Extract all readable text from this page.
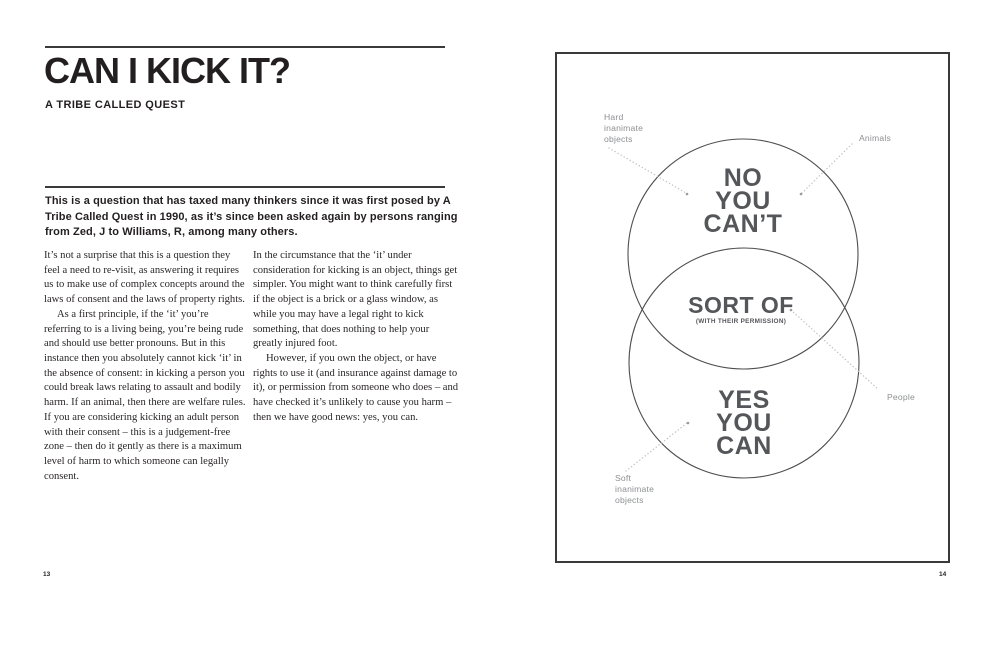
CAN I KICK IT?
A TRIBE CALLED QUEST
This is a question that has taxed many thinkers since it was first posed by A Tribe Called Quest in 1990, as it’s since been asked again by persons ranging from Zed, J to Williams, R, among many others.

It’s not a surprise that this is a question they feel a need to re-visit, as answering it requires us to make use of complex concepts around the laws of consent and the laws of property rights.

As a first principle, if the ‘it’ you’re referring to is a living being, you’re being rude and should use better pronouns. But in this instance then you absolutely cannot kick ‘it’ in the absence of consent: in kicking a person you could break laws relating to assault and bodily harm. If an animal, then there are welfare rules. If you are considering kicking an adult person with their consent – this is a judgement-free zone – then do it gently as there is a maximum level of harm to which someone can legally consent.

In the circumstance that the ‘it’ under consideration for kicking is an object, things get simpler. You might want to think carefully first if the object is a brick or a glass window, as while you may have a legal right to kick something, that does nothing to help your greatly injured foot.

However, if you own the object, or have rights to use it (and insurance against damage to it), or permission from someone who does – and have checked it’s unlikely to cause you harm – then we have good news: yes, you can.

13
NO
YOU
CAN’T
SORT OF
(WITH THEIR PERMISSION)
YES
YOU
CAN
Hard
inanimate
objects	Animals
People
Soft
inanimate
objects
14
